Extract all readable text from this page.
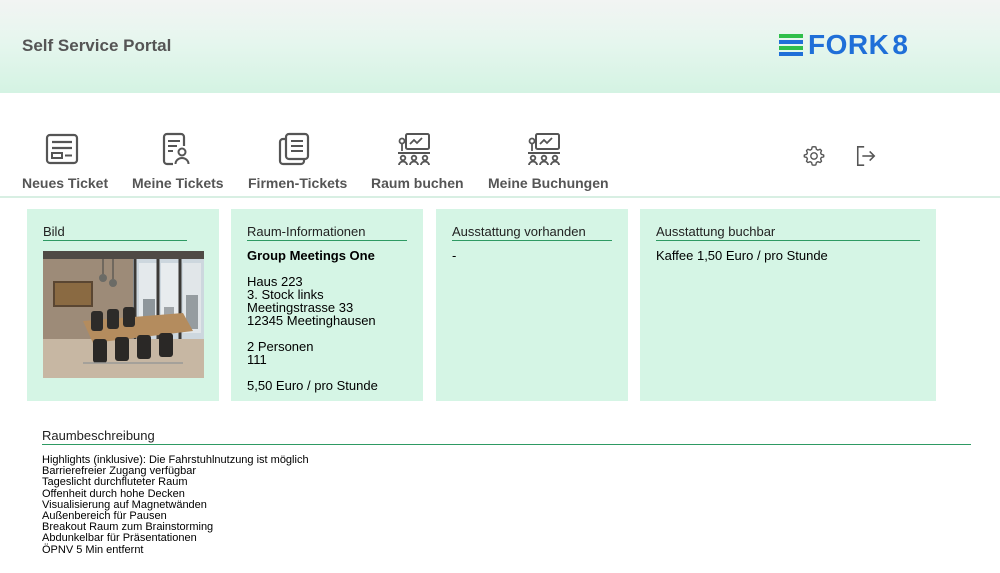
Self Service Portal	FORK 8
Neues Ticket Meine Tickets Firmen-Tickets Raum buchen Meine Buchungen
Bild	Raum-Informationen
Group Meetings One
Haus 223
3. Stock links
Meetingstrasse 33
12345 Meetinghausen
2 Personen
111
5,50 Euro / pro Stunde
Ausstattung vorhanden
-
Ausstattung buchbar
Kaffee 1,50 Euro / pro Stunde
Raumbeschreibung
Highlights (inklusive): Die Fahrstuhlnutzung ist möglich
Barrierefreier Zugang verfügbar
Tageslicht durchfluteter Raum
Offenheit durch hohe Decken
Visualisierung auf Magnetwänden
Außenbereich für Pausen
Breakout Raum zum Brainstorming
Abdunkelbar für Präsentationen
ÖPNV 5 Min entfernt
